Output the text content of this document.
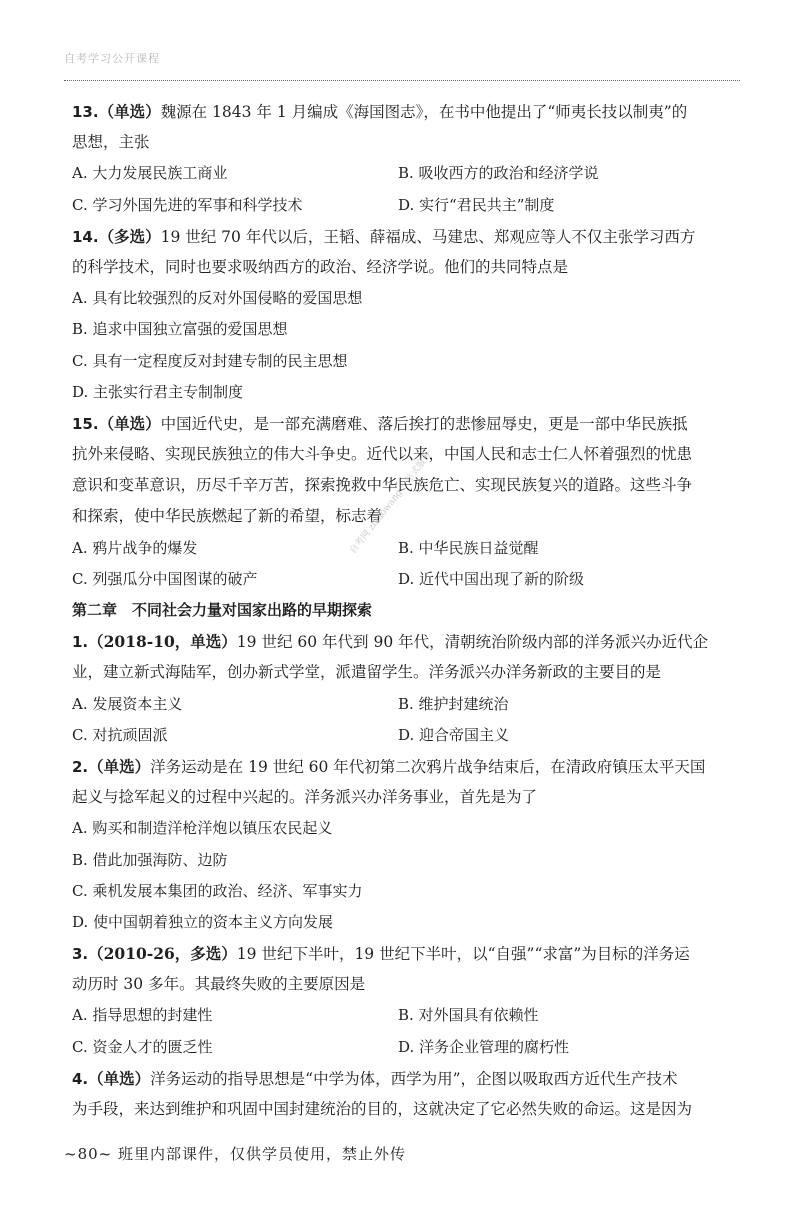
自考学习公开课程
13.（单选）魏源在 1843 年 1 月编成《海国图志》，在书中他提出了“师夷长技以制夷”的
思想，主张
A. 大力发展民族工商业	B. 吸收西方的政治和经济学说
C. 学习外国先进的军事和科学技术	D. 实行“君民共主”制度
14.（多选）19 世纪 70 年代以后，王韬、薛福成、马建忠、郑观应等人不仅主张学习西方
的科学技术，同时也要求吸纳西方的政治、经济学说。他们的共同特点是
A. 具有比较强烈的反对外国侵略的爱国思想
B. 追求中国独立富强的爱国思想
C. 具有一定程度反对封建专制的民主思想
D. 主张实行君主专制制度
15.（单选）中国近代史，是一部充满磨难、落后挨打的悲惨屈辱史，更是一部中华民族抵
抗外来侵略、实现民族独立的伟大斗争史。近代以来，中国人民和志士仁人怀着强烈的忧患
意识和变革意识，历尽千辛万苦，探索挽救中华民族危亡、实现民族复兴的道路。这些斗争
和探索，使中华民族燃起了新的希望，标志着
A. 鸦片战争的爆发	B. 中华民族日益觉醒
C. 列强瓜分中国图谋的破产	D. 近代中国出现了新的阶级
第二章　不同社会力量对国家出路的早期探索
1.（2018-10，单选）19 世纪 60 年代到 90 年代，清朝统治阶级内部的洋务派兴办近代企
业，建立新式海陆军，创办新式学堂，派遣留学生。洋务派兴办洋务新政的主要目的是
A. 发展资本主义	B. 维护封建统治
C. 对抗顽固派	D. 迎合帝国主义
2.（单选）洋务运动是在 19 世纪 60 年代初第二次鸦片战争结束后，在清政府镇压太平天国
起义与捻军起义的过程中兴起的。洋务派兴办洋务事业，首先是为了
A. 购买和制造洋枪洋炮以镇压农民起义
B. 借此加强海防、边防
C. 乘机发展本集团的政治、经济、军事实力
D. 使中国朝着独立的资本主义方向发展
3.（2010-26，多选）19 世纪下半叶，19 世纪下半叶，以“自强”“求富”为目标的洋务运
动历时 30 多年。其最终失败的主要原因是
A. 指导思想的封建性	B. 对外国具有依赖性
C. 资金人才的匮乏性	D. 洋务企业管理的腐朽性
4.（单选）洋务运动的指导思想是“中学为体，西学为用”，企图以吸取西方近代生产技术
为手段，来达到维护和巩固中国封建统治的目的，这就决定了它必然失败的命运。这是因为
自考网 zikaowang 一站式服务
~80~ 班里内部课件，仅供学员使用，禁止外传
